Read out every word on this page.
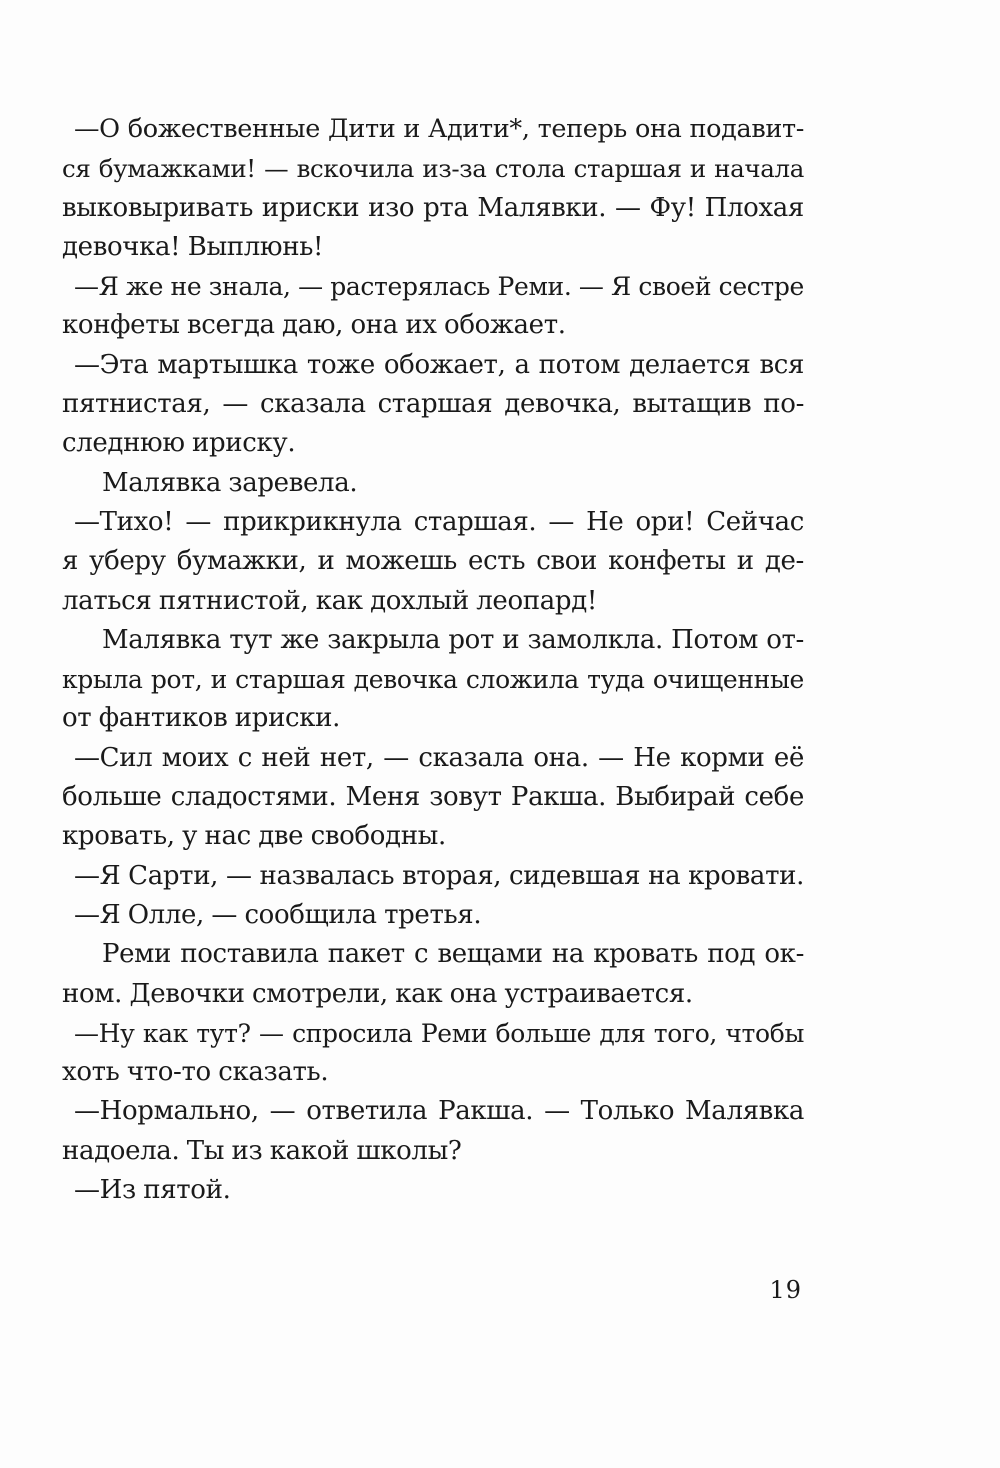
—О божественные Дити и Адити*, теперь она подавит-
ся бумажками! — вскочила из-за стола старшая и начала
выковыривать ириски изо рта Малявки. — Фу! Плохая
девочка! Выплюнь!
—Я же не знала, — растерялась Реми. — Я своей сестре
конфеты всегда даю, она их обожает.
—Эта мартышка тоже обожает, а потом делается вся
пятнистая, — сказала старшая девочка, вытащив по-
следнюю ириску.
Малявка заревела.
—Тихо! — прикрикнула старшая. — Не ори! Сейчас
я уберу бумажки, и можешь есть свои конфеты и де-
латься пятнистой, как дохлый леопард!
Малявка тут же закрыла рот и замолкла. Потом от-
крыла рот, и старшая девочка сложила туда очищенные
от фантиков ириски.
—Сил моих с ней нет, — сказала она. — Не корми её
больше сладостями. Меня зовут Ракша. Выбирай себе
кровать, у нас две свободны.
—Я Сарти, — назвалась вторая, сидевшая на кровати.
—Я Олле, — сообщила третья.
Реми поставила пакет с вещами на кровать под ок-
ном. Девочки смотрели, как она устраивается.
—Ну как тут? — спросила Реми больше для того, чтобы
хоть что-то сказать.
—Нормально, — ответила Ракша. — Только Малявка
надоела. Ты из какой школы?
—Из пятой.
19
